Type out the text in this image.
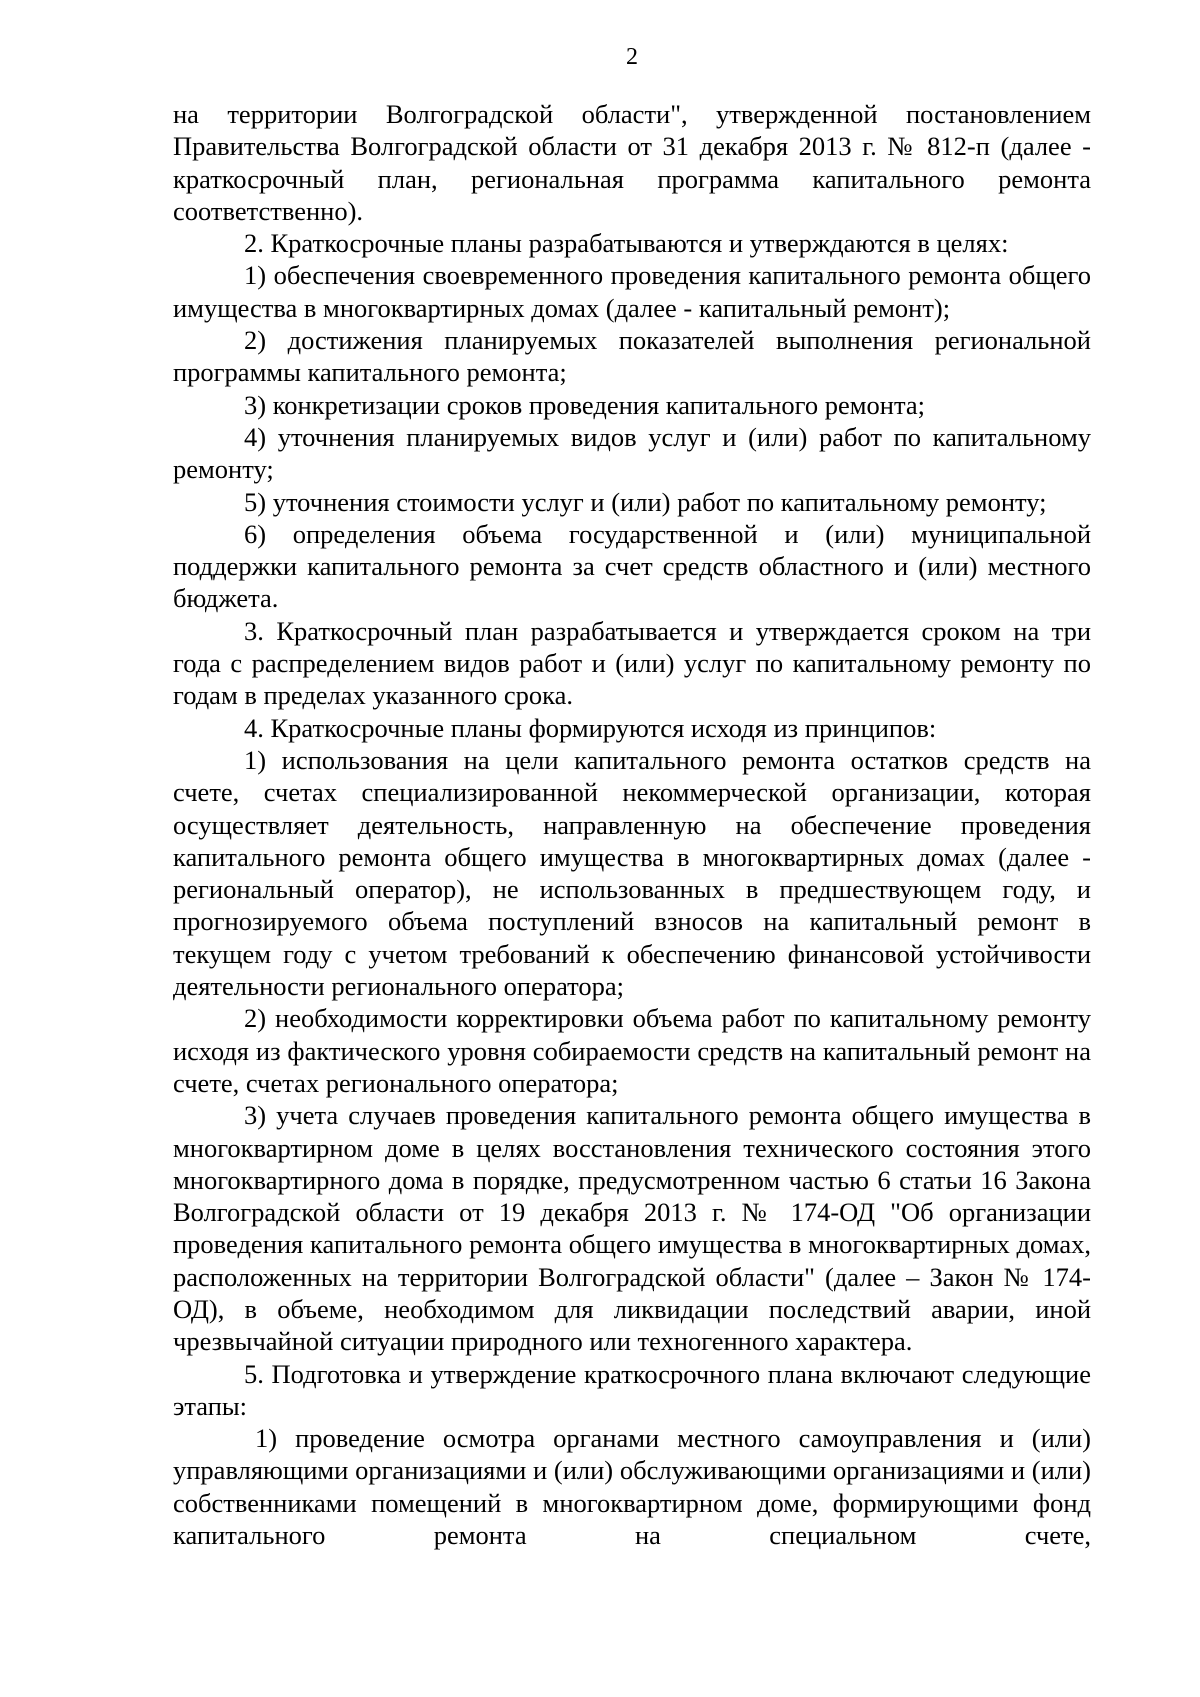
2

на территории Волгоградской области", утвержденной постановлением Правительства Волгоградской области от 31 декабря 2013 г. № 812-п (далее - краткосрочный план, региональная программа капитального ремонта соответственно).

2. Краткосрочные планы разрабатываются и утверждаются в целях:

1) обеспечения своевременного проведения капитального ремонта общего имущества в многоквартирных домах (далее - капитальный ремонт);

2) достижения планируемых показателей выполнения региональной программы капитального ремонта;

3) конкретизации сроков проведения капитального ремонта;

4) уточнения планируемых видов услуг и (или) работ по капитальному ремонту;

5) уточнения стоимости услуг и (или) работ по капитальному ремонту;

6) определения объема государственной и (или) муниципальной поддержки капитального ремонта за счет средств областного и (или) местного бюджета.

3. Краткосрочный план разрабатывается и утверждается сроком на три года с распределением видов работ и (или) услуг по капитальному ремонту по годам в пределах указанного срока.

4. Краткосрочные планы формируются исходя из принципов:

1) использования на цели капитального ремонта остатков средств на счете, счетах специализированной некоммерческой организации, которая осуществляет деятельность, направленную на обеспечение проведения капитального ремонта общего имущества в многоквартирных домах (далее - региональный оператор), не использованных в предшествующем году, и прогнозируемого объема поступлений взносов на капитальный ремонт в текущем году с учетом требований к обеспечению финансовой устойчивости деятельности регионального оператора;

2) необходимости корректировки объема работ по капитальному ремонту исходя из фактического уровня собираемости средств на капитальный ремонт на счете, счетах регионального оператора;

3) учета случаев проведения капитального ремонта общего имущества в многоквартирном доме в целях восстановления технического состояния этого многоквартирного дома в порядке, предусмотренном частью 6 статьи 16 Закона Волгоградской области от 19 декабря 2013 г. № 174-ОД "Об организации проведения капитального ремонта общего имущества в многоквартирных домах, расположенных на территории Волгоградской области" (далее – Закон № 174-ОД), в объеме, необходимом для ликвидации последствий аварии, иной чрезвычайной ситуации природного или техногенного характера.

5. Подготовка и утверждение краткосрочного плана включают следующие этапы:

1) проведение осмотра органами местного самоуправления и (или) управляющими организациями и (или) обслуживающими организациями и (или) собственниками помещений в многоквартирном доме, формирующими фонд капитального ремонта на специальном счете,
